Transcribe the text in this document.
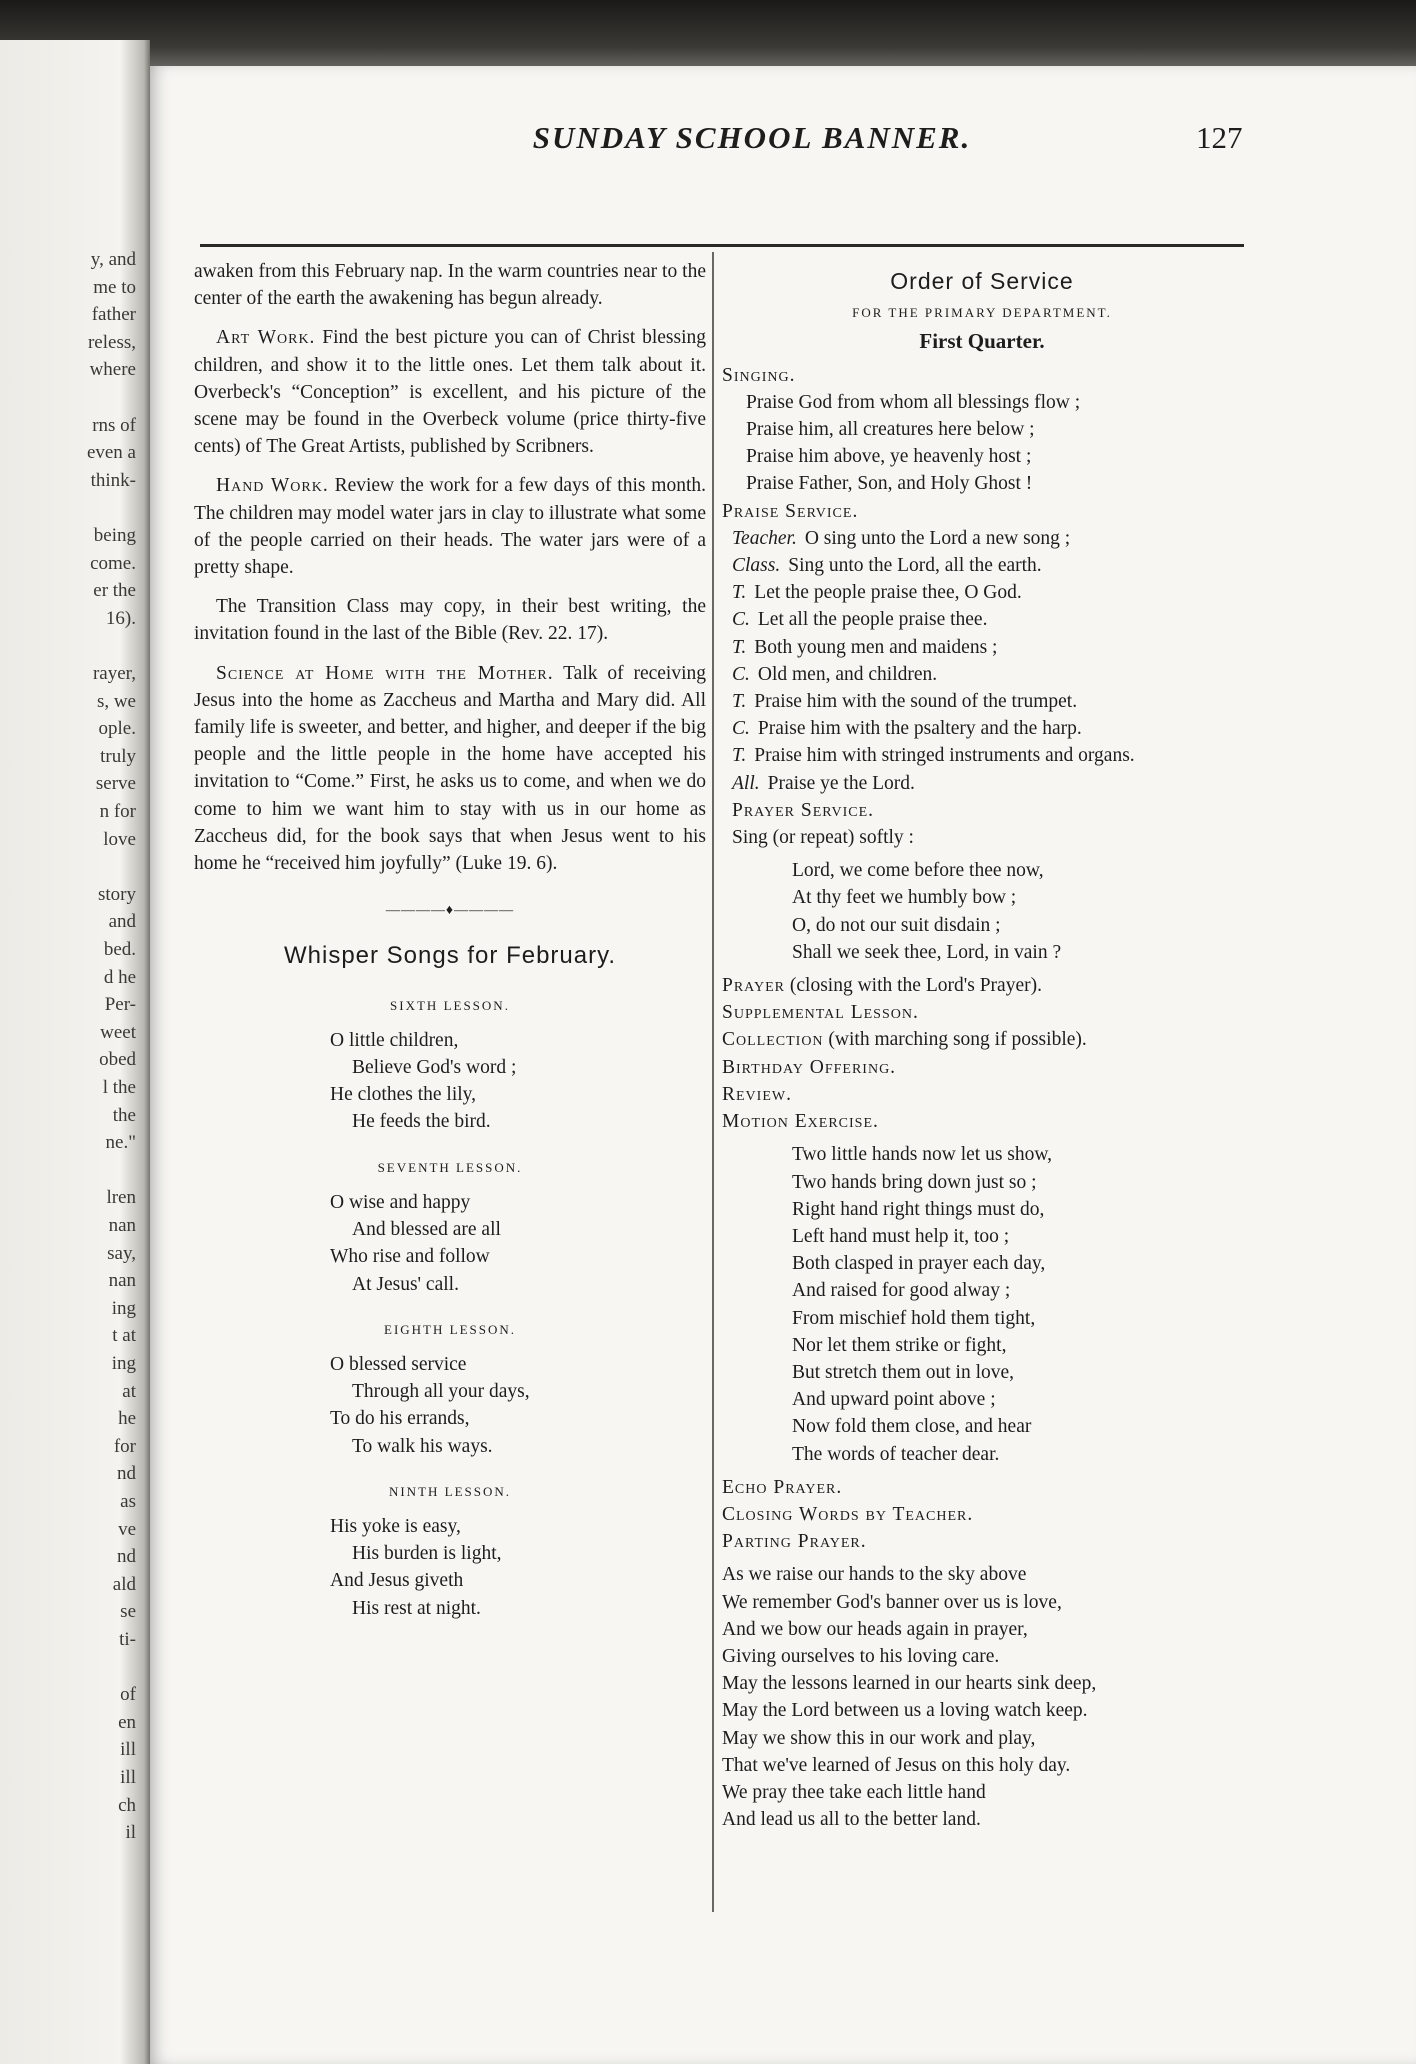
y, and
me to
father
reless,
where
rns of
even a
think-
being
come.
er the
16).
rayer,
s, we
ople.
truly
serve
n for
love
story
and
bed.
d he
Per-
weet
obed
l the
the
ne."
lren
nan
say,
nan
ing
t at
ing
at
he
for
nd
as
ve
nd
ald
se
ti-
of
en
ill
ill
ch
il
SUNDAY SCHOOL BANNER.	127

awaken from this February nap. In the warm countries near to the center of the earth the awakening has begun already.

Art Work. Find the best picture you can of Christ blessing children, and show it to the little ones. Let them talk about it. Overbeck's “Conception” is excellent, and his picture of the scene may be found in the Overbeck volume (price thirty-five cents) of The Great Artists, published by Scribners.

Hand Work. Review the work for a few days of this month. The children may model water jars in clay to illustrate what some of the people carried on their heads. The water jars were of a pretty shape.

The Transition Class may copy, in their best writing, the invitation found in the last of the Bible (Rev. 22. 17).

Science at Home with the Mother. Talk of receiving Jesus into the home as Zaccheus and Martha and Mary did. All family life is sweeter, and better, and higher, and deeper if the big people and the little people in the home have accepted his invitation to “Come.” First, he asks us to come, and when we do come to him we want him to stay with us in our home as Zaccheus did, for the book says that when Jesus went to his home he “received him joyfully” (Luke 19. 6).

————♦————
Whisper Songs for February.
SIXTH LESSON.

O little children,

Believe God's word ;

He clothes the lily,

He feeds the bird.

SEVENTH LESSON.

O wise and happy

And blessed are all

Who rise and follow

At Jesus' call.

EIGHTH LESSON.

O blessed service

Through all your days,

To do his errands,

To walk his ways.

NINTH LESSON.

His yoke is easy,

His burden is light,

And Jesus giveth

His rest at night.

Order of Service
FOR THE PRIMARY DEPARTMENT.
First Quarter.

Singing.

Praise God from whom all blessings flow ;

Praise him, all creatures here below ;

Praise him above, ye heavenly host ;

Praise Father, Son, and Holy Ghost !

Praise Service.

Teacher. O sing unto the Lord a new song ;

Class. Sing unto the Lord, all the earth.

T. Let the people praise thee, O God.

C. Let all the people praise thee.

T. Both young men and maidens ;

C. Old men, and children.

T. Praise him with the sound of the trumpet.

C. Praise him with the psaltery and the harp.

T. Praise him with stringed instruments and organs.

All. Praise ye the Lord.

Prayer Service.

Sing (or repeat) softly :

Lord, we come before thee now,

At thy feet we humbly bow ;

O, do not our suit disdain ;

Shall we seek thee, Lord, in vain ?

Prayer (closing with the Lord's Prayer).

Supplemental Lesson.

Collection (with marching song if possible).

Birthday Offering.

Review.

Motion Exercise.

Two little hands now let us show,

Two hands bring down just so ;

Right hand right things must do,

Left hand must help it, too ;

Both clasped in prayer each day,

And raised for good alway ;

From mischief hold them tight,

Nor let them strike or fight,

But stretch them out in love,

And upward point above ;

Now fold them close, and hear

The words of teacher dear.

Echo Prayer.

Closing Words by Teacher.

Parting Prayer.

As we raise our hands to the sky above

We remember God's banner over us is love,

And we bow our heads again in prayer,

Giving ourselves to his loving care.

May the lessons learned in our hearts sink deep,

May the Lord between us a loving watch keep.

May we show this in our work and play,

That we've learned of Jesus on this holy day.

We pray thee take each little hand

And lead us all to the better land.
